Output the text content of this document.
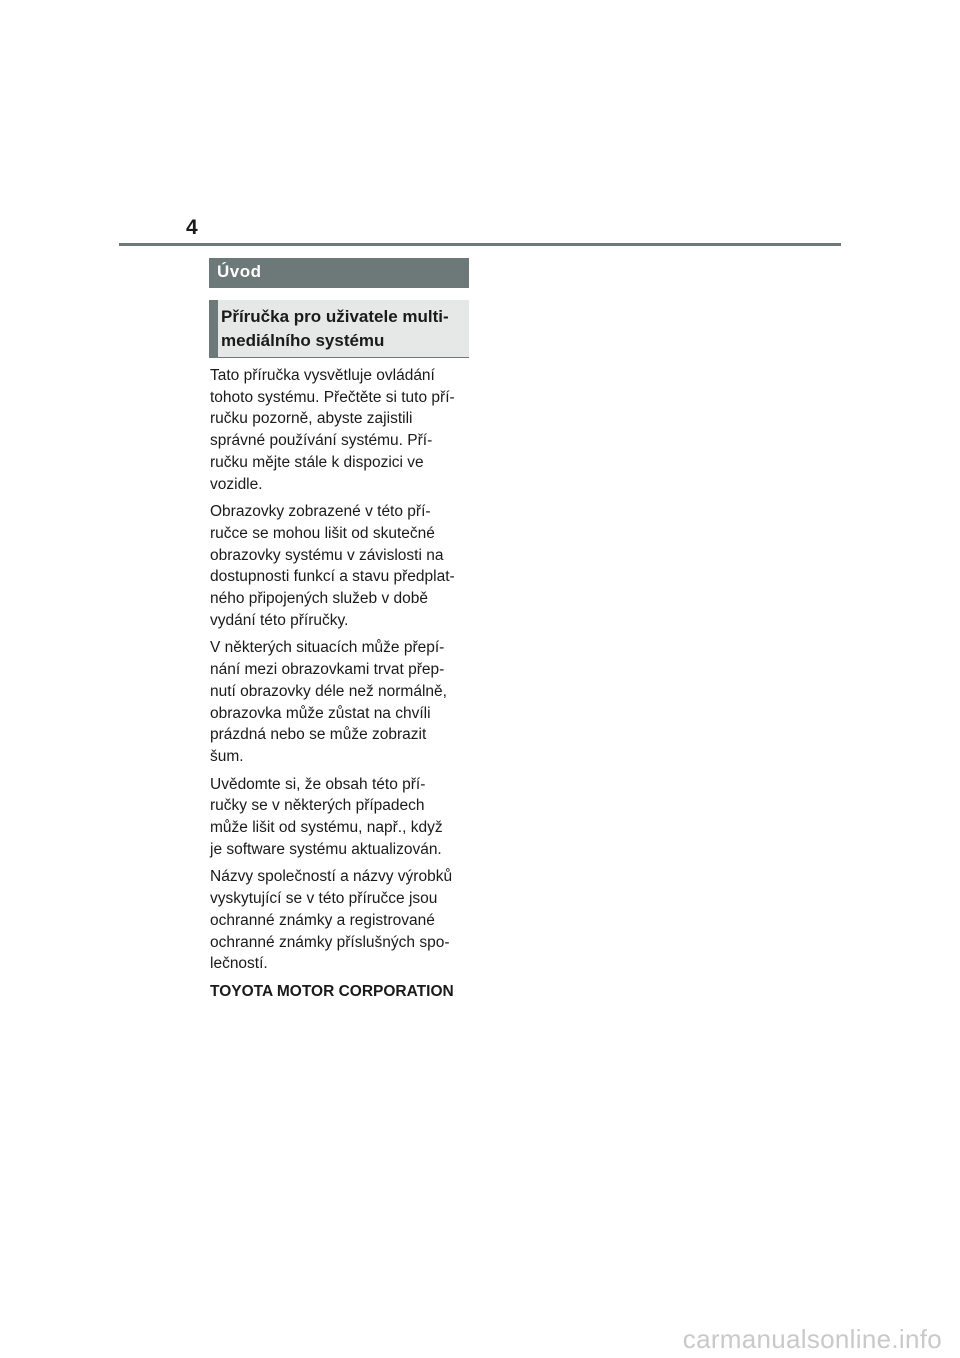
4
Úvod
Příručka pro uživatele multi-
mediálního systému

Tato příručka vysvětluje ovládání
tohoto systému. Přečtěte si tuto pří-
ručku pozorně, abyste zajistili
správné používání systému. Pří-
ručku mějte stále k dispozici ve
vozidle.

Obrazovky zobrazené v této pří-
ručce se mohou lišit od skutečné
obrazovky systému v závislosti na
dostupnosti funkcí a stavu předplat-
ného připojených služeb v době
vydání této příručky.

V některých situacích může přepí-
nání mezi obrazovkami trvat přep-
nutí obrazovky déle než normálně,
obrazovka může zůstat na chvíli
prázdná nebo se může zobrazit
šum.

Uvědomte si, že obsah této pří-
ručky se v některých případech
může lišit od systému, např., když
je software systému aktualizován.

Názvy společností a názvy výrobků
vyskytující se v této příručce jsou
ochranné známky a registrované
ochranné známky příslušných spo-
lečností.

TOYOTA MOTOR CORPORATION

carmanualsonline.info
